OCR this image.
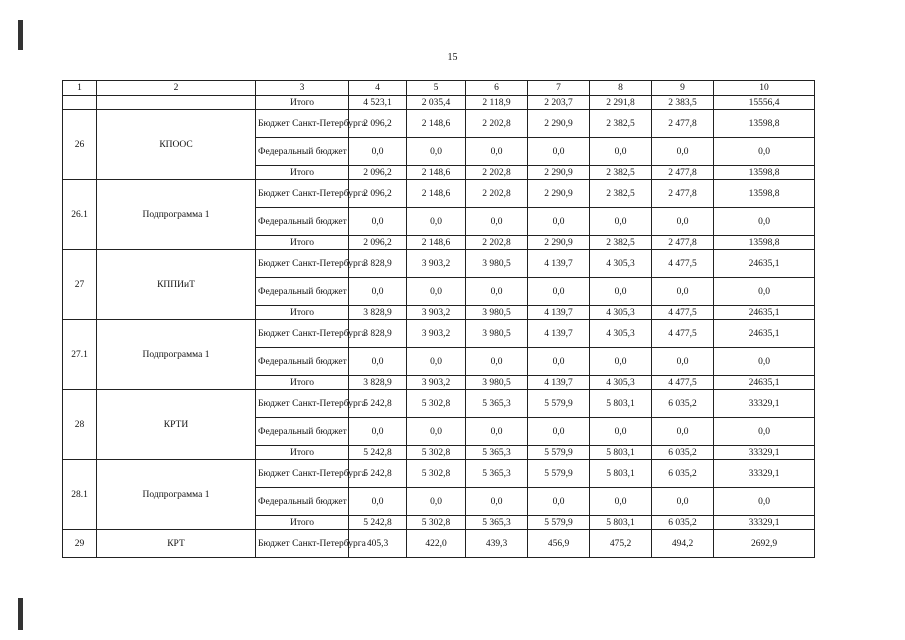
15
1	2	3	4	5	6	7	8	9	10
		Итого	4 523,1	2 035,4	2 118,9	2 203,7	2 291,8	2 383,5	15556,4
26	КПООС	Бюджет Санкт-Петербурга	2 096,2	2 148,6	2 202,8	2 290,9	2 382,5	2 477,8	13598,8
		Федеральный бюджет	0,0	0,0	0,0	0,0	0,0	0,0	0,0
		Итого	2 096,2	2 148,6	2 202,8	2 290,9	2 382,5	2 477,8	13598,8
26.1	Подпрограмма 1	Бюджет Санкт-Петербурга	2 096,2	2 148,6	2 202,8	2 290,9	2 382,5	2 477,8	13598,8
		Федеральный бюджет	0,0	0,0	0,0	0,0	0,0	0,0	0,0
		Итого	2 096,2	2 148,6	2 202,8	2 290,9	2 382,5	2 477,8	13598,8
27	КППИиТ	Бюджет Санкт-Петербурга	3 828,9	3 903,2	3 980,5	4 139,7	4 305,3	4 477,5	24635,1
		Федеральный бюджет	0,0	0,0	0,0	0,0	0,0	0,0	0,0
		Итого	3 828,9	3 903,2	3 980,5	4 139,7	4 305,3	4 477,5	24635,1
27.1	Подпрограмма 1	Бюджет Санкт-Петербурга	3 828,9	3 903,2	3 980,5	4 139,7	4 305,3	4 477,5	24635,1
		Федеральный бюджет	0,0	0,0	0,0	0,0	0,0	0,0	0,0
		Итого	3 828,9	3 903,2	3 980,5	4 139,7	4 305,3	4 477,5	24635,1
28	КРТИ	Бюджет Санкт-Петербурга	5 242,8	5 302,8	5 365,3	5 579,9	5 803,1	6 035,2	33329,1
		Федеральный бюджет	0,0	0,0	0,0	0,0	0,0	0,0	0,0
		Итого	5 242,8	5 302,8	5 365,3	5 579,9	5 803,1	6 035,2	33329,1
28.1	Подпрограмма 1	Бюджет Санкт-Петербурга	5 242,8	5 302,8	5 365,3	5 579,9	5 803,1	6 035,2	33329,1
		Федеральный бюджет	0,0	0,0	0,0	0,0	0,0	0,0	0,0
		Итого	5 242,8	5 302,8	5 365,3	5 579,9	5 803,1	6 035,2	33329,1
29	КРТ	Бюджет Санкт-Петербурга	405,3	422,0	439,3	456,9	475,2	494,2	2692,9
